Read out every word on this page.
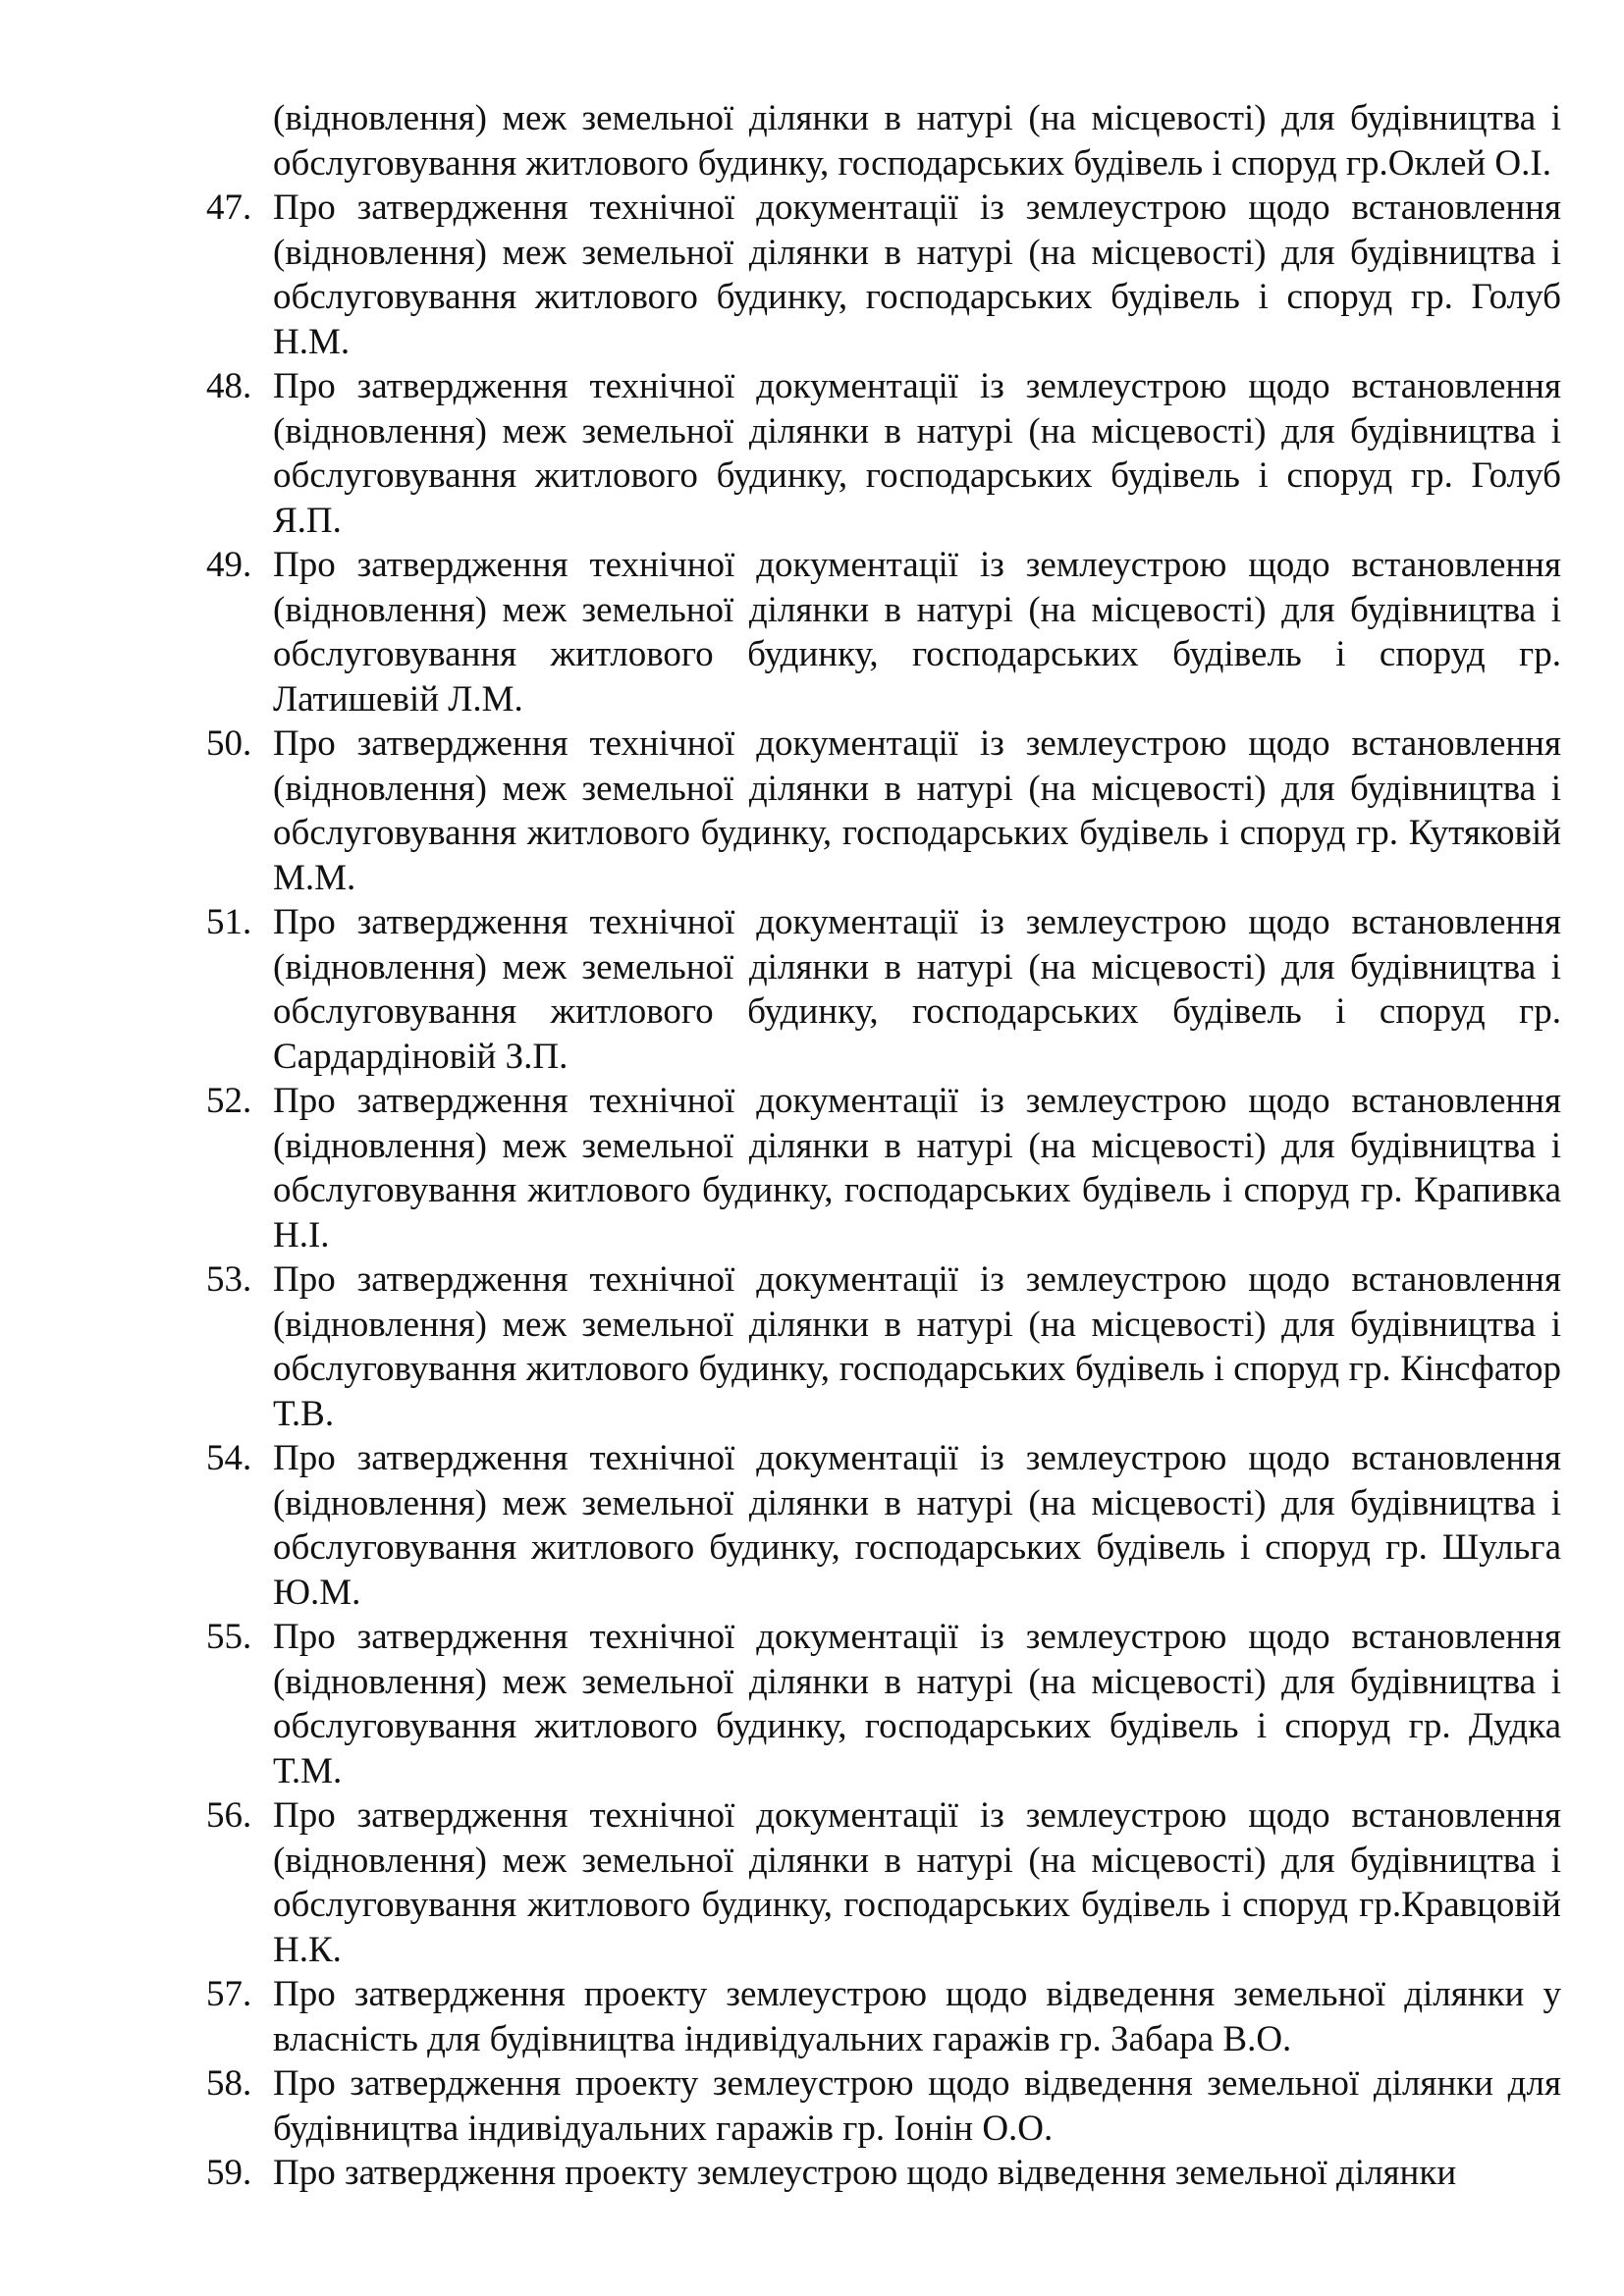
(відновлення) меж земельної ділянки в натурі (на місцевості) для будівництва і обслуговування житлового будинку, господарських будівель і споруд гр.Оклей О.І.

47. Про затвердження технічної документації із землеустрою щодо встановлення (відновлення) меж земельної ділянки в натурі (на місцевості) для будівництва і обслуговування житлового будинку, господарських будівель і споруд гр. Голуб Н.М.
48. Про затвердження технічної документації із землеустрою щодо встановлення (відновлення) меж земельної ділянки в натурі (на місцевості) для будівництва і обслуговування житлового будинку, господарських будівель і споруд гр. Голуб Я.П.
49. Про затвердження технічної документації із землеустрою щодо встановлення (відновлення) меж земельної ділянки в натурі (на місцевості) для будівництва і обслуговування житлового будинку, господарських будівель і споруд гр. Латишевій Л.М.
50. Про затвердження технічної документації із землеустрою щодо встановлення (відновлення) меж земельної ділянки в натурі (на місцевості) для будівництва і обслуговування житлового будинку, господарських будівель і споруд гр. Кутяковій М.М.
51. Про затвердження технічної документації із землеустрою щодо встановлення (відновлення) меж земельної ділянки в натурі (на місцевості) для будівництва і обслуговування житлового будинку, господарських будівель і споруд гр. Сардардіновій З.П.
52. Про затвердження технічної документації із землеустрою щодо встановлення (відновлення) меж земельної ділянки в натурі (на місцевості) для будівництва і обслуговування житлового будинку, господарських будівель і споруд гр. Крапивка Н.І.
53. Про затвердження технічної документації із землеустрою щодо встановлення (відновлення) меж земельної ділянки в натурі (на місцевості) для будівництва і обслуговування житлового будинку, господарських будівель і споруд гр. Кінсфатор Т.В.
54. Про затвердження технічної документації із землеустрою щодо встановлення (відновлення) меж земельної ділянки в натурі (на місцевості) для будівництва і обслуговування житлового будинку, господарських будівель і споруд гр. Шульга Ю.М.
55. Про затвердження технічної документації із землеустрою щодо встановлення (відновлення) меж земельної ділянки в натурі (на місцевості) для будівництва і обслуговування житлового будинку, господарських будівель і споруд гр. Дудка Т.М.
56. Про затвердження технічної документації із землеустрою щодо встановлення (відновлення) меж земельної ділянки в натурі (на місцевості) для будівництва і обслуговування житлового будинку, господарських будівель і споруд гр.Кравцовій Н.К.
57. Про затвердження проекту землеустрою щодо відведення земельної ділянки у власність для будівництва індивідуальних гаражів гр. Забара В.О.
58. Про затвердження проекту землеустрою щодо відведення земельної ділянки для будівництва індивідуальних гаражів гр. Іонін О.О.
59. Про затвердження проекту землеустрою щодо відведення земельної ділянки
